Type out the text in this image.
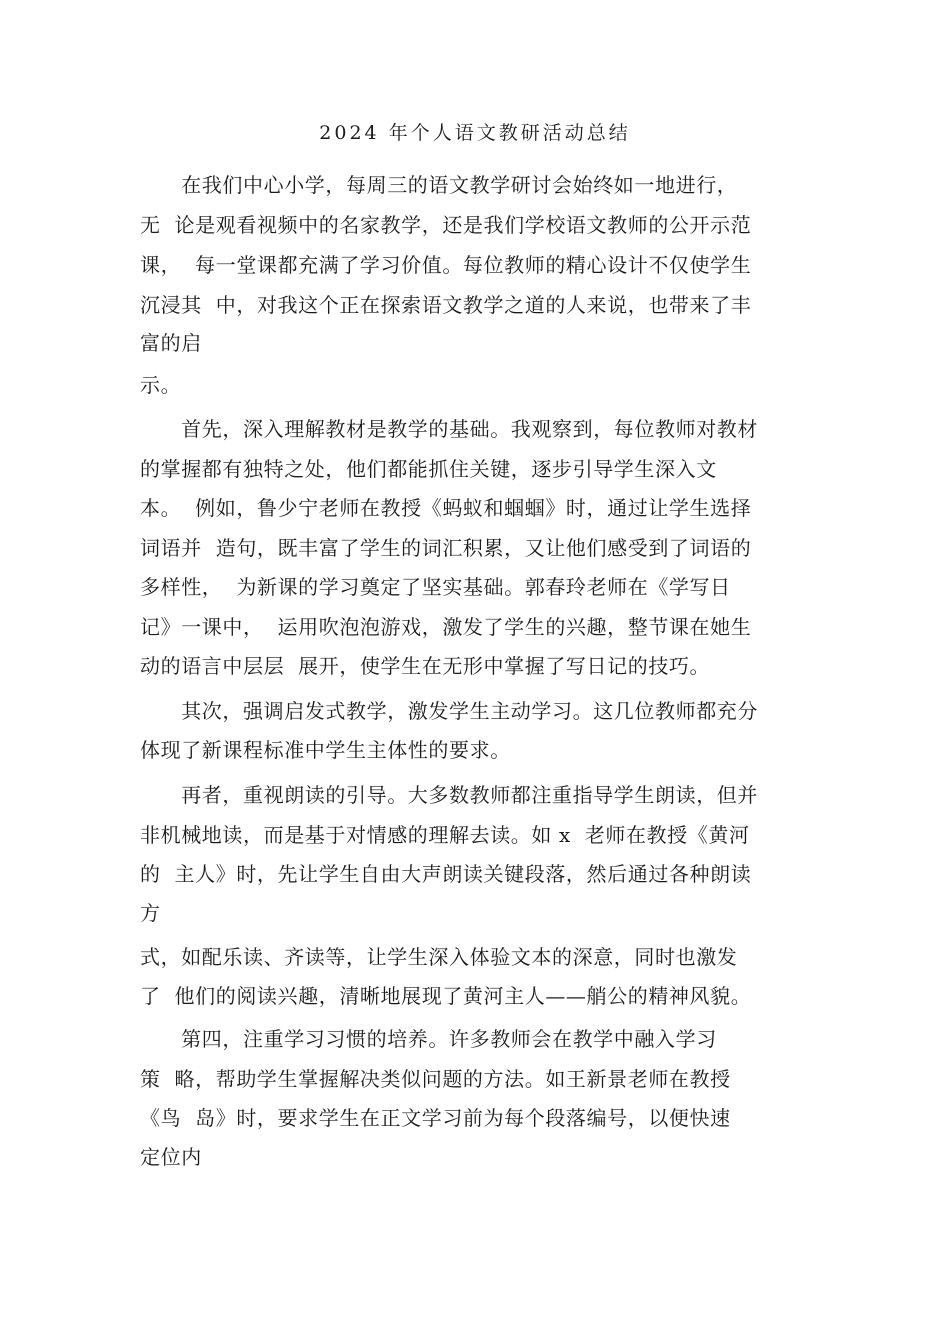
2024 年个人语文教研活动总结
　　在我们中心小学，每周三的语文教学研讨会始终如一地进行，
无  论是观看视频中的名家教学，还是我们学校语文教师的公开示范
课，  每一堂课都充满了学习价值。每位教师的精心设计不仅使学生
沉浸其  中，对我这个正在探索语文教学之道的人来说，也带来了丰
富的启
示。
　　首先，深入理解教材是教学的基础。我观察到，每位教师对教材
的掌握都有独特之处，他们都能抓住关键，逐步引导学生深入文
本。  例如，鲁少宁老师在教授《蚂蚁和蝈蝈》时，通过让学生选择
词语并  造句，既丰富了学生的词汇积累，又让他们感受到了词语的
多样性，  为新课的学习奠定了坚实基础。郭春玲老师在《学写日
记》一课中，  运用吹泡泡游戏，激发了学生的兴趣，整节课在她生
动的语言中层层  展开，使学生在无形中掌握了写日记的技巧。
　　其次，强调启发式教学，激发学生主动学习。这几位教师都充分
体现了新课程标准中学生主体性的要求。
　　再者，重视朗读的引导。大多数教师都注重指导学生朗读，但并
非机械地读，而是基于对情感的理解去读。如 x  老师在教授《黄河
的  主人》时，先让学生自由大声朗读关键段落，然后通过各种朗读
方
式，如配乐读、齐读等，让学生深入体验文本的深意，同时也激发
了  他们的阅读兴趣，清晰地展现了黄河主人——艄公的精神风貌。
　　第四，注重学习习惯的培养。许多教师会在教学中融入学习
策  略，帮助学生掌握解决类似问题的方法。如王新景老师在教授
《鸟  岛》时，要求学生在正文学习前为每个段落编号，以便快速
定位内
